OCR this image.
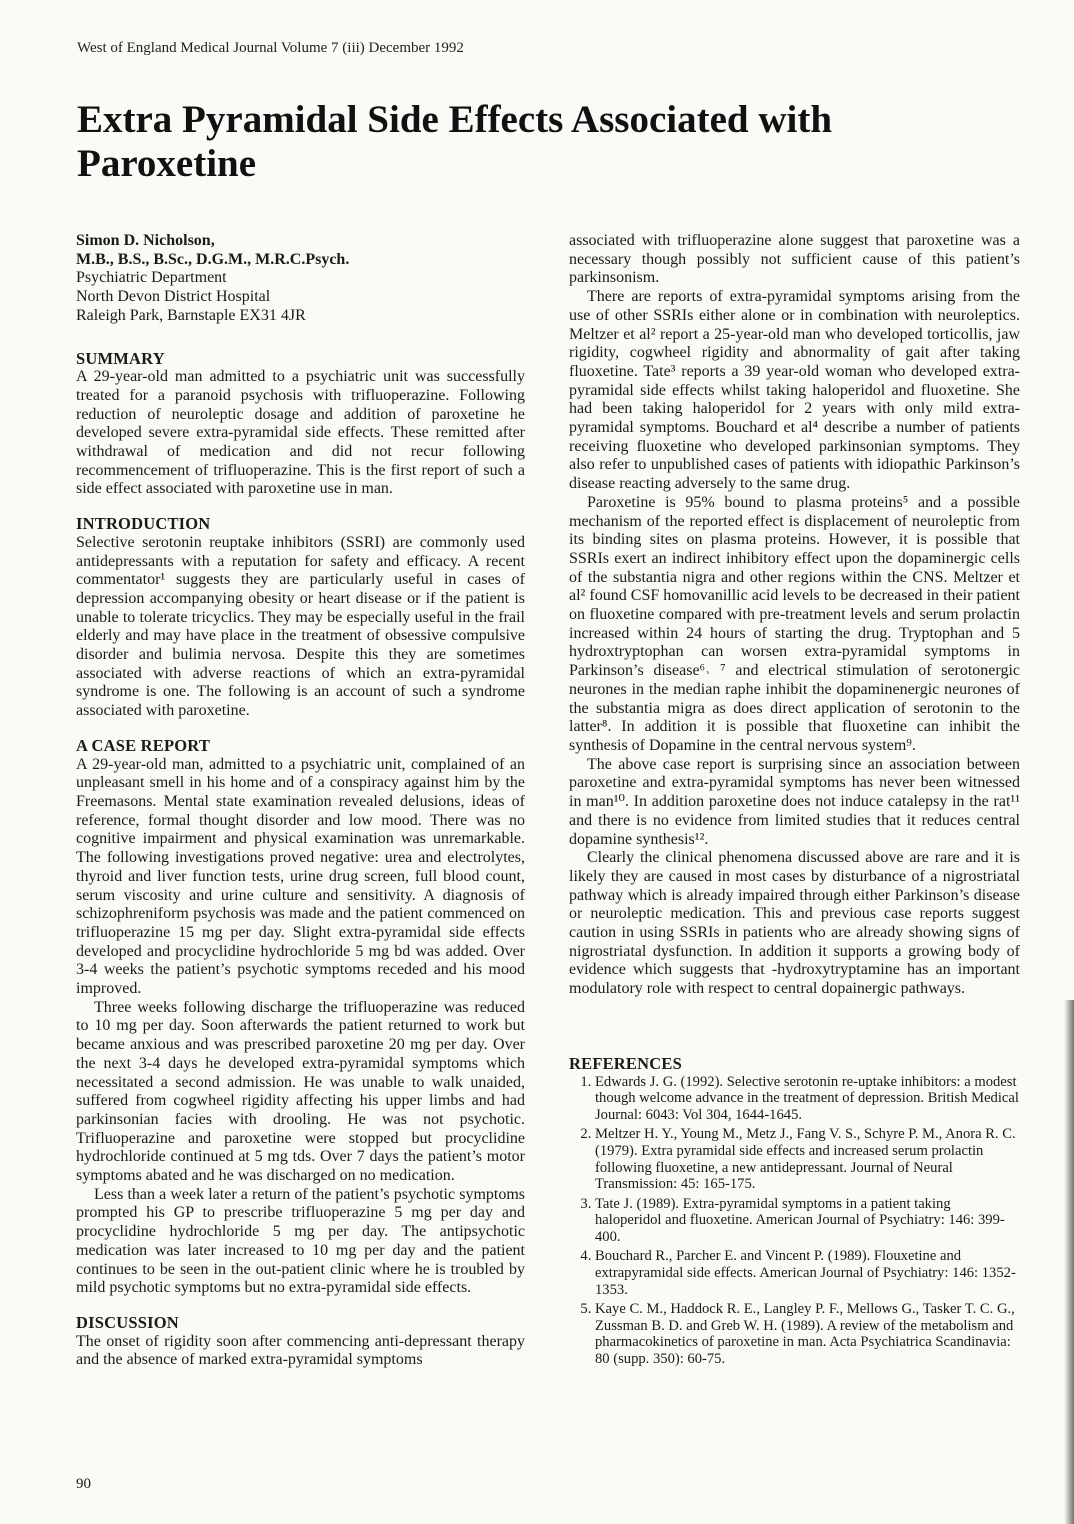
West of England Medical Journal Volume 7 (iii) December 1992
Extra Pyramidal Side Effects Associated with Paroxetine

Simon D. Nicholson,

M.B., B.S., B.Sc., D.G.M., M.R.C.Psych.

Psychiatric Department

North Devon District Hospital

Raleigh Park, Barnstaple EX31 4JR

SUMMARY

A 29-year-old man admitted to a psychiatric unit was successfully treated for a paranoid psychosis with trifluoperazine. Following reduction of neuroleptic dosage and addition of paroxetine he developed severe extra-pyramidal side effects. These remitted after withdrawal of medication and did not recur following recommencement of trifluoperazine. This is the first report of such a side effect associated with paroxetine use in man.

INTRODUCTION

Selective serotonin reuptake inhibitors (SSRI) are commonly used antidepressants with a reputation for safety and efficacy. A recent commentator¹ suggests they are particularly useful in cases of depression accompanying obesity or heart disease or if the patient is unable to tolerate tricyclics. They may be especially useful in the frail elderly and may have place in the treatment of obsessive compulsive disorder and bulimia nervosa. Despite this they are sometimes associated with adverse reactions of which an extra-pyramidal syndrome is one. The following is an account of such a syndrome associated with paroxetine.

A CASE REPORT

A 29-year-old man, admitted to a psychiatric unit, complained of an unpleasant smell in his home and of a conspiracy against him by the Freemasons. Mental state examination revealed delusions, ideas of reference, formal thought disorder and low mood. There was no cognitive impairment and physical examination was unremarkable. The following investigations proved negative: urea and electrolytes, thyroid and liver function tests, urine drug screen, full blood count, serum viscosity and urine culture and sensitivity. A diagnosis of schizophreniform psychosis was made and the patient commenced on trifluoperazine 15 mg per day. Slight extra-pyramidal side effects developed and procyclidine hydrochloride 5 mg bd was added. Over 3-4 weeks the patient’s psychotic symptoms receded and his mood improved.

Three weeks following discharge the trifluoperazine was reduced to 10 mg per day. Soon afterwards the patient returned to work but became anxious and was prescribed paroxetine 20 mg per day. Over the next 3-4 days he developed extra-pyramidal symptoms which necessitated a second admission. He was unable to walk unaided, suffered from cogwheel rigidity affecting his upper limbs and had parkinsonian facies with drooling. He was not psychotic. Trifluoperazine and paroxetine were stopped but procyclidine hydrochloride continued at 5 mg tds. Over 7 days the patient’s motor symptoms abated and he was discharged on no medication.

Less than a week later a return of the patient’s psychotic symptoms prompted his GP to prescribe trifluoperazine 5 mg per day and procyclidine hydrochloride 5 mg per day. The antipsychotic medication was later increased to 10 mg per day and the patient continues to be seen in the out-patient clinic where he is troubled by mild psychotic symptoms but no extra-pyramidal side effects.

DISCUSSION

The onset of rigidity soon after commencing anti-depressant therapy and the absence of marked extra-pyramidal symptoms

associated with trifluoperazine alone suggest that paroxetine was a necessary though possibly not sufficient cause of this patient’s parkinsonism.

There are reports of extra-pyramidal symptoms arising from the use of other SSRIs either alone or in combination with neuroleptics. Meltzer et al² report a 25-year-old man who developed torticollis, jaw rigidity, cogwheel rigidity and abnormality of gait after taking fluoxetine. Tate³ reports a 39 year-old woman who developed extra-pyramidal side effects whilst taking haloperidol and fluoxetine. She had been taking haloperidol for 2 years with only mild extra-pyramidal symptoms. Bouchard et al⁴ describe a number of patients receiving fluoxetine who developed parkinsonian symptoms. They also refer to unpublished cases of patients with idiopathic Parkinson’s disease reacting adversely to the same drug.

Paroxetine is 95% bound to plasma proteins⁵ and a possible mechanism of the reported effect is displacement of neuroleptic from its binding sites on plasma proteins. However, it is possible that SSRIs exert an indirect inhibitory effect upon the dopaminergic cells of the substantia nigra and other regions within the CNS. Meltzer et al² found CSF homovanillic acid levels to be decreased in their patient on fluoxetine compared with pre-treatment levels and serum prolactin increased within 24 hours of starting the drug. Tryptophan and 5 hydroxtryptophan can worsen extra-pyramidal symptoms in Parkinson’s disease⁶˒ ⁷ and electrical stimulation of serotonergic neurones in the median raphe inhibit the dopaminenergic neurones of the substantia migra as does direct application of serotonin to the latter⁸. In addition it is possible that fluoxetine can inhibit the synthesis of Dopamine in the central nervous system⁹.

The above case report is surprising since an association between paroxetine and extra-pyramidal symptoms has never been witnessed in man¹⁰. In addition paroxetine does not induce catalepsy in the rat¹¹ and there is no evidence from limited studies that it reduces central dopamine synthesis¹².

Clearly the clinical phenomena discussed above are rare and it is likely they are caused in most cases by disturbance of a nigrostriatal pathway which is already impaired through either Parkinson’s disease or neuroleptic medication. This and previous case reports suggest caution in using SSRIs in patients who are already showing signs of nigrostriatal dysfunction. In addition it supports a growing body of evidence which suggests that -hydroxytryptamine has an important modulatory role with respect to central dopainergic pathways.

REFERENCES
1. Edwards J. G. (1992). Selective serotonin re-uptake inhibitors: a modest though welcome advance in the treatment of depression. British Medical Journal: 6043: Vol 304, 1644-1645.
2. Meltzer H. Y., Young M., Metz J., Fang V. S., Schyre P. M., Anora R. C. (1979). Extra pyramidal side effects and increased serum prolactin following fluoxetine, a new antidepressant. Journal of Neural Transmission: 45: 165-175.
3. Tate J. (1989). Extra-pyramidal symptoms in a patient taking haloperidol and fluoxetine. American Journal of Psychiatry: 146: 399-400.
4. Bouchard R., Parcher E. and Vincent P. (1989). Flouxetine and extrapyramidal side effects. American Journal of Psychiatry: 146: 1352-1353.
5. Kaye C. M., Haddock R. E., Langley P. F., Mellows G., Tasker T. C. G., Zussman B. D. and Greb W. H. (1989). A review of the metabolism and pharmacokinetics of paroxetine in man. Acta Psychiatrica Scandinavia: 80 (supp. 350): 60-75.
90
